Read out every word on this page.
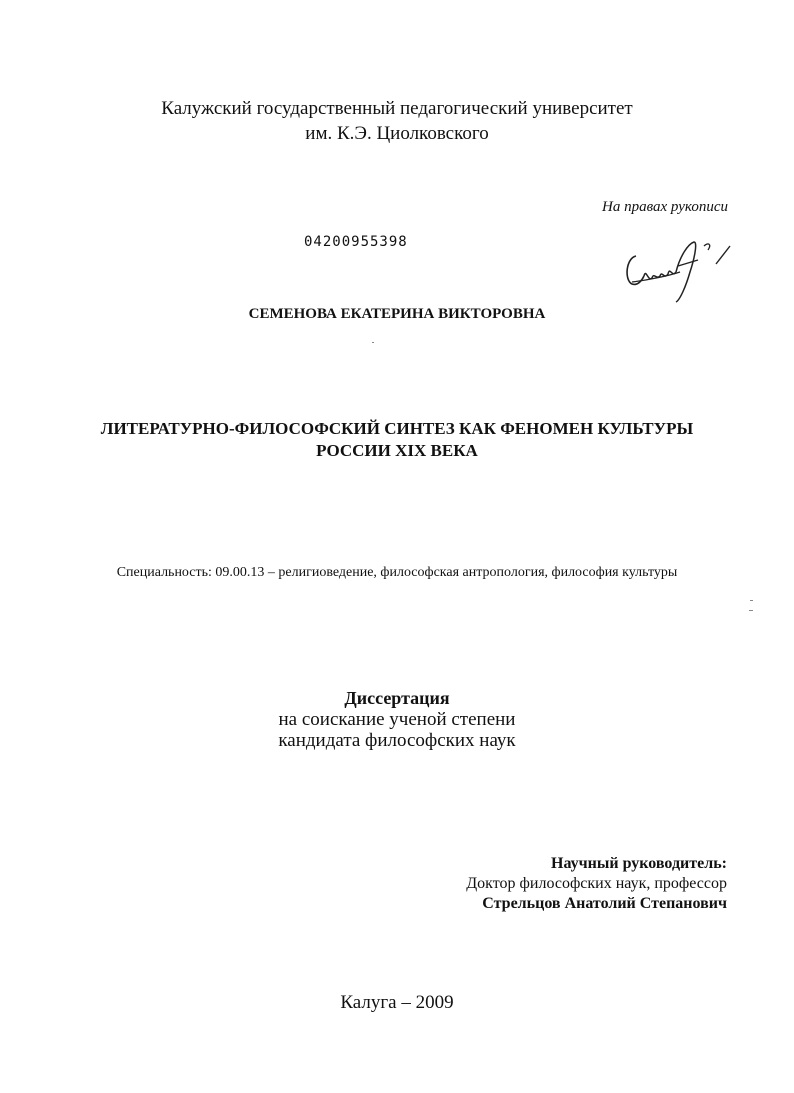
Калужский государственный педагогический университет
им. К.Э. Циолковского
На правах рукописи
04200955398
СЕМЕНОВА ЕКАТЕРИНА ВИКТОРОВНА
ЛИТЕРАТУРНО-ФИЛОСОФСКИЙ СИНТЕЗ КАК ФЕНОМЕН КУЛЬТУРЫ
РОССИИ XIX ВЕКА
Специальность: 09.00.13 – религиоведение, философская антропология, философия культуры
Диссертация
на соискание ученой степени
кандидата философских наук
Научный руководитель:
Доктор философских наук, профессор
Стрельцов Анатолий Степанович
Калуга – 2009
